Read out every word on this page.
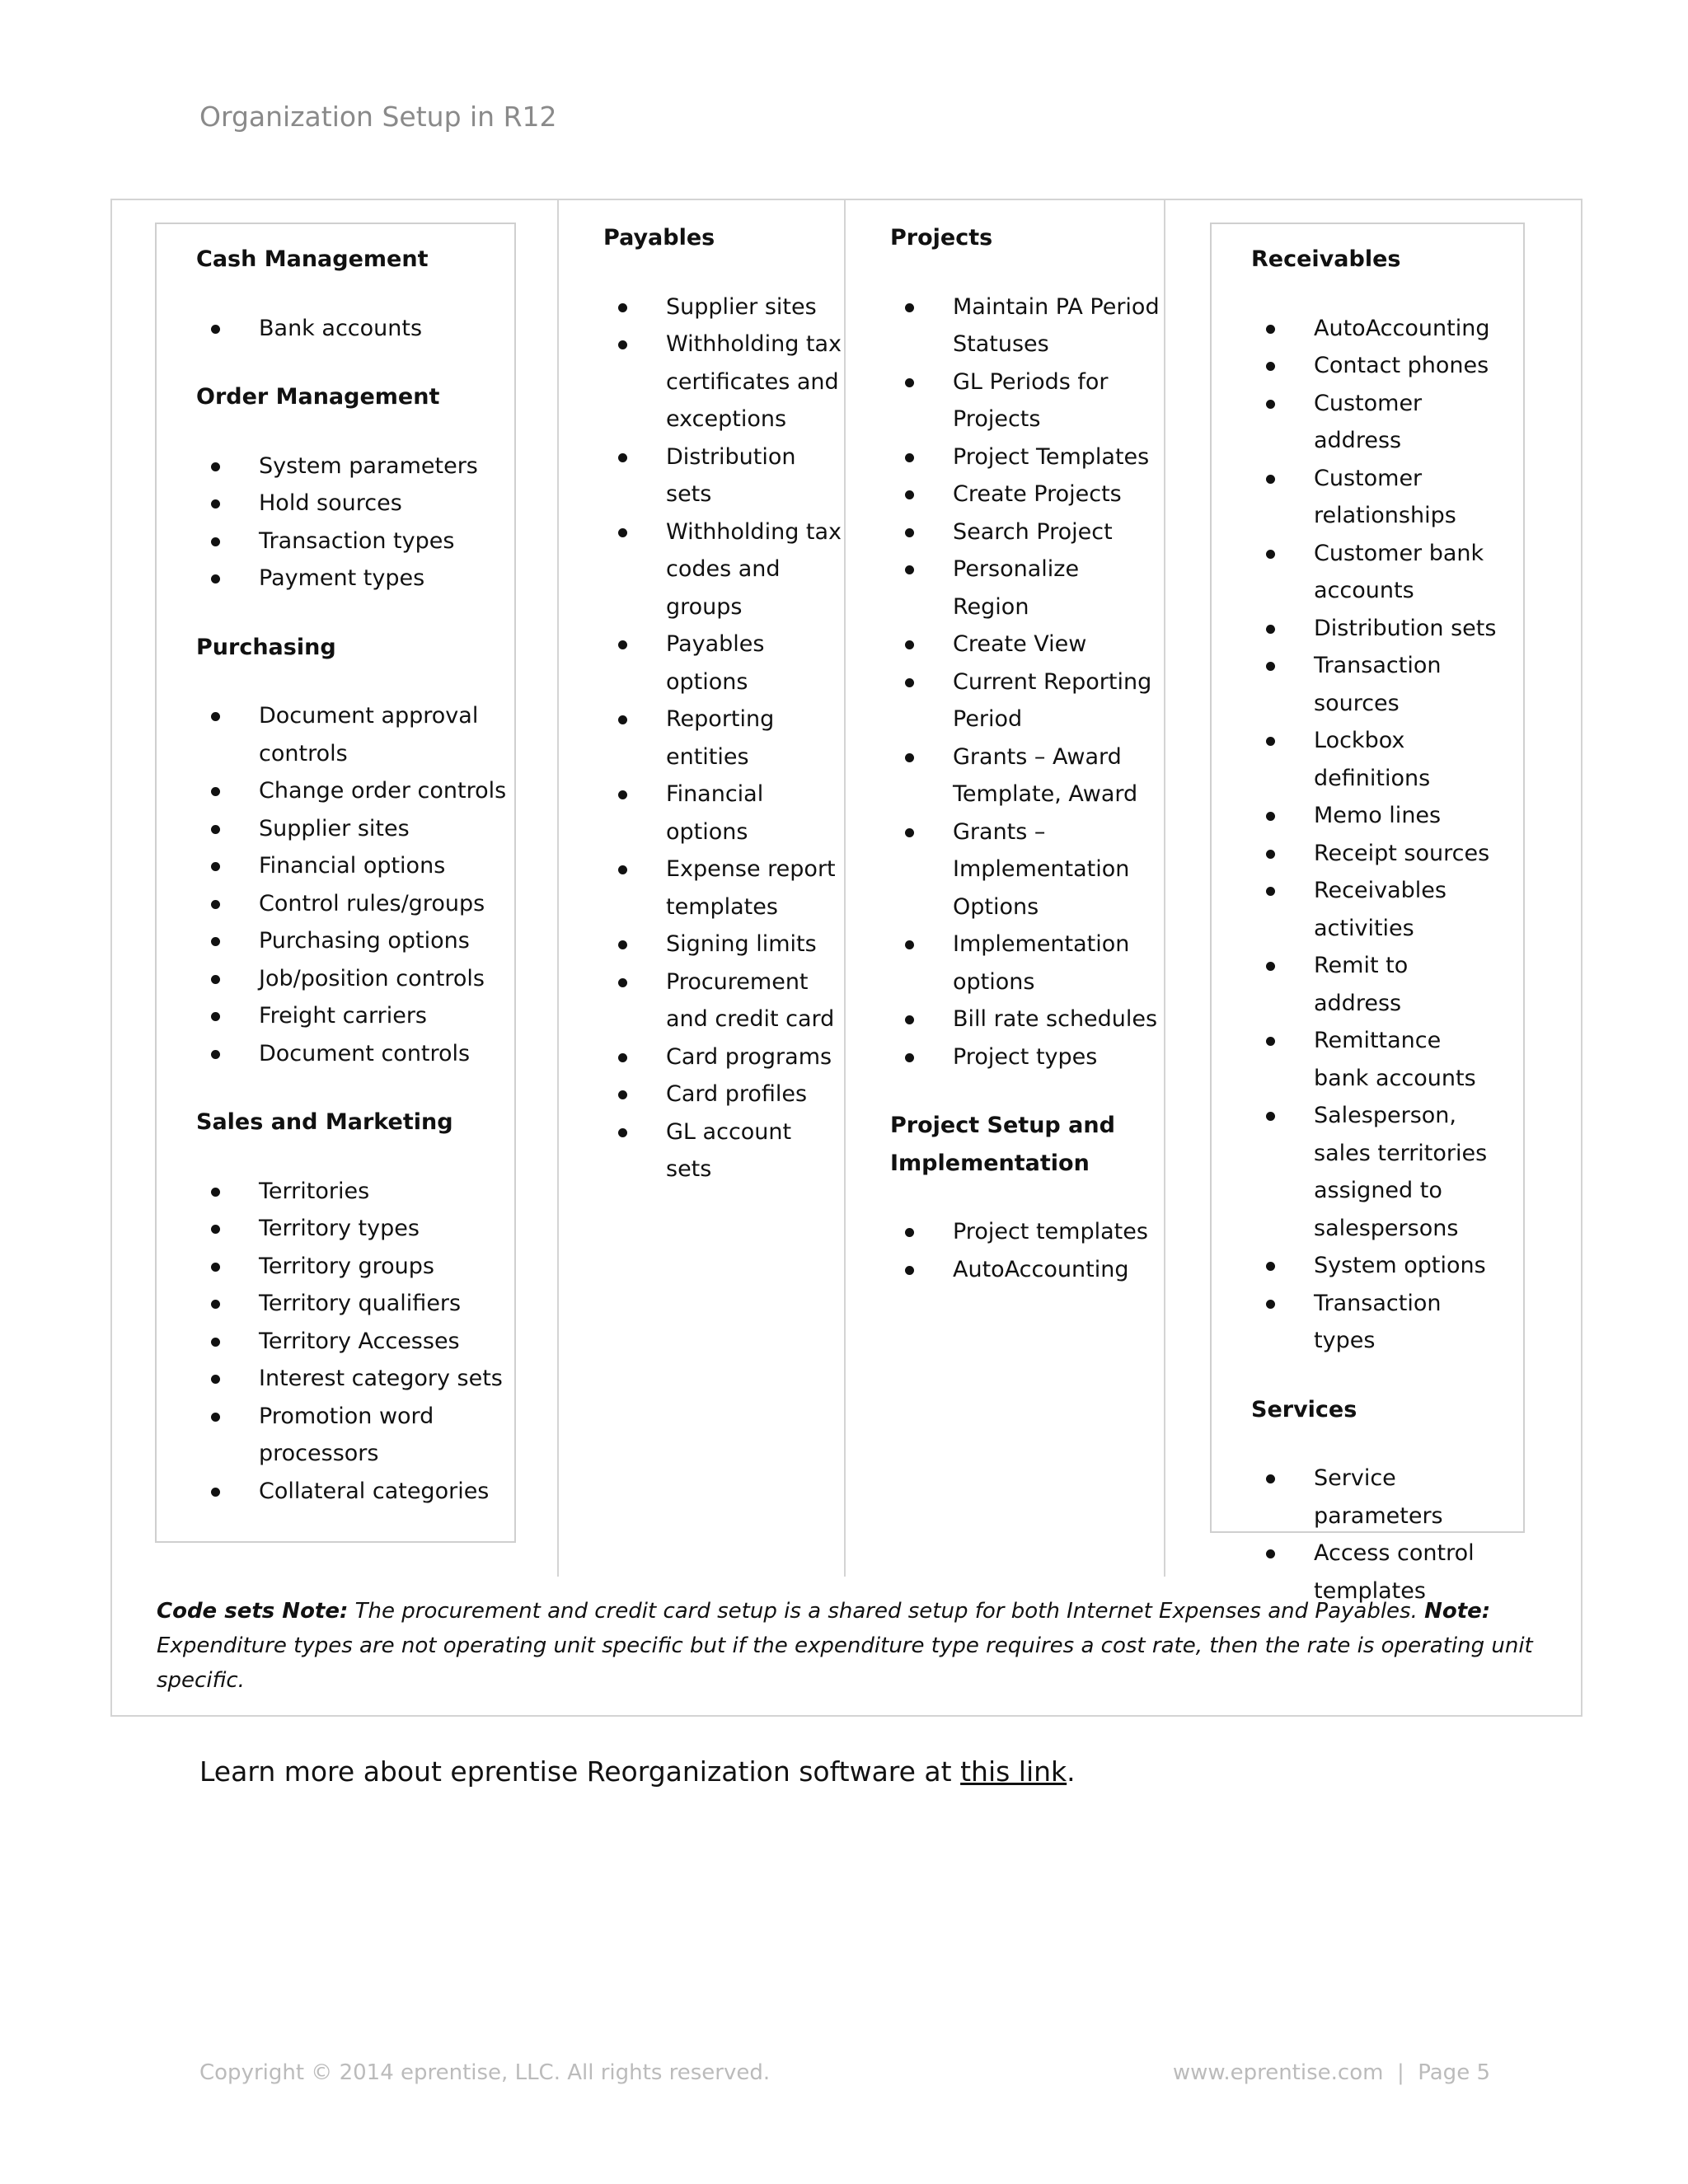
Organization Setup in R12
Cash Management
Bank accounts
Order Management
System parameters
Hold sources
Transaction types
Payment types
Purchasing
Document approval controls
Change order controls
Supplier sites
Financial options
Control rules/groups
Purchasing options
Job/position controls
Freight carriers
Document controls
Sales and Marketing
Territories
Territory types
Territory groups
Territory qualifiers
Territory Accesses
Interest category sets
Promotion word processors
Collateral categories
Payables
Supplier sites
Withholding tax certificates and exceptions
Distribution sets
Withholding tax codes and groups
Payables options
Reporting entities
Financial options
Expense report templates
Signing limits
Procurement and credit card
Card programs
Card profiles
GL account sets
Projects
Maintain PA Period Statuses
GL Periods for Projects
Project Templates
Create Projects
Search Project
Personalize Region
Create View
Current Reporting Period
Grants – Award Template, Award
Grants – Implementation Options
Implementation options
Bill rate schedules
Project types
Project Setup and Implementation
Project templates
AutoAccounting
Receivables
AutoAccounting
Contact phones
Customer address
Customer relationships
Customer bank accounts
Distribution sets
Transaction sources
Lockbox definitions
Memo lines
Receipt sources
Receivables activities
Remit to address
Remittance bank accounts
Salesperson, sales territories assigned to salespersons
System options
Transaction types
Services
Service parameters
Access control templates
Code sets Note: The procurement and credit card setup is a shared setup for both Internet Expenses and Payables. Note: Expenditure types are not operating unit specific but if the expenditure type requires a cost rate, then the rate is operating unit specific.
Learn more about eprentise Reorganization software at this link.
Copyright © 2014 eprentise, LLC. All rights reserved.	www.eprentise.com  |  Page 5
